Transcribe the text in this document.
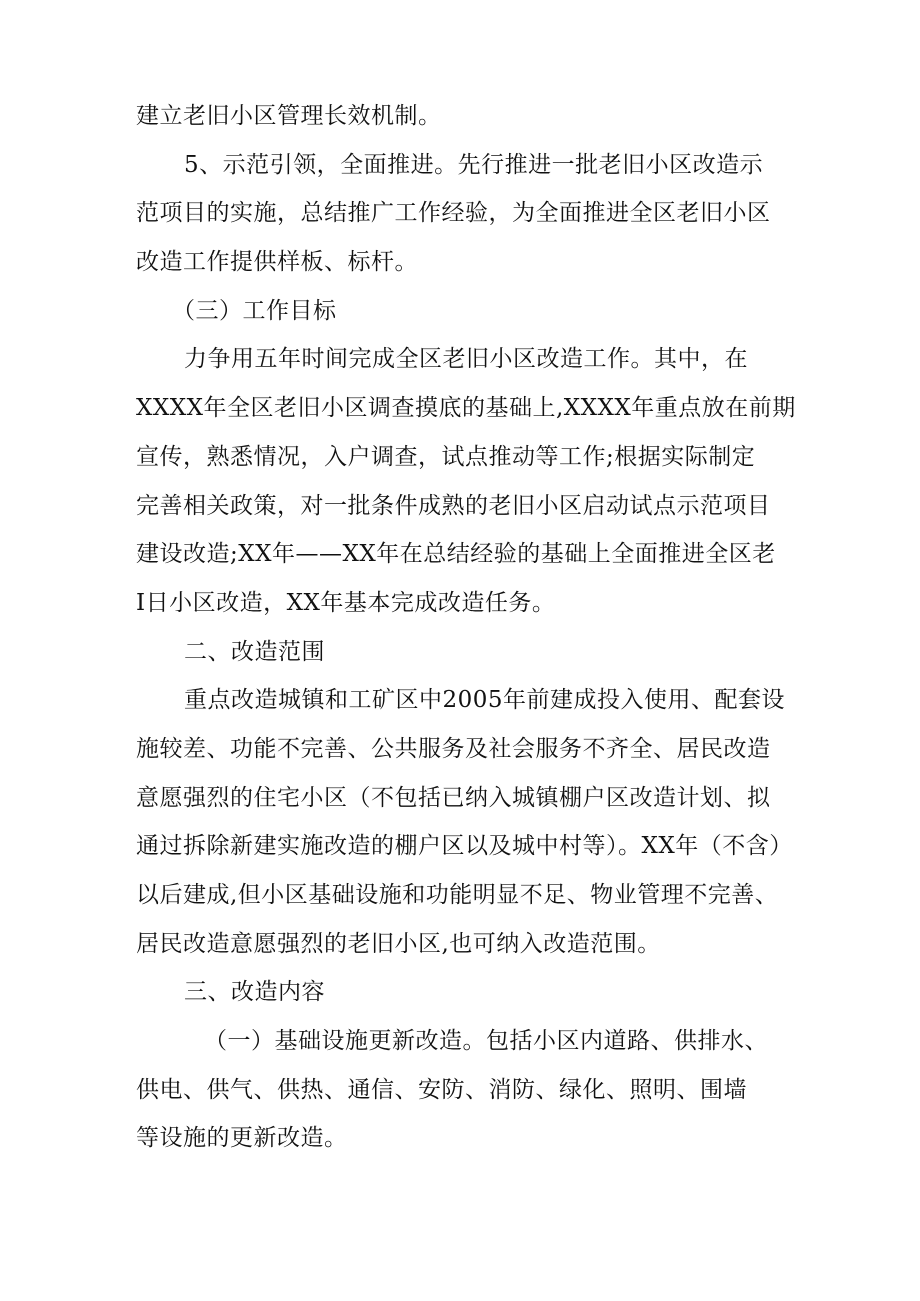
建立老旧小区管理长效机制。
5、示范引领，全面推进。先行推进一批老旧小区改造示
范项目的实施，总结推广工作经验，为全面推进全区老旧小区
改造工作提供样板、标杆。
（三）工作目标
力争用五年时间完成全区老旧小区改造工作。其中，在
XXXX年全区老旧小区调查摸底的基础上,XXXX年重点放在前期
宣传，熟悉情况，入户调查，试点推动等工作;根据实际制定
完善相关政策，对一批条件成熟的老旧小区启动试点示范项目
建设改造;XX年——XX年在总结经验的基础上全面推进全区老
I日小区改造，XX年基本完成改造任务。
二、改造范围
重点改造城镇和工矿区中2005年前建成投入使用、配套设
施较差、功能不完善、公共服务及社会服务不齐全、居民改造
意愿强烈的住宅小区（不包括已纳入城镇棚户区改造计划、拟
通过拆除新建实施改造的棚户区以及城中村等）。XX年（不含）
以后建成,但小区基础设施和功能明显不足、物业管理不完善、
居民改造意愿强烈的老旧小区,也可纳入改造范围。
三、改造内容
（一）基础设施更新改造。包括小区内道路、供排水、
供电、供气、供热、通信、安防、消防、绿化、照明、围墙
等设施的更新改造。
